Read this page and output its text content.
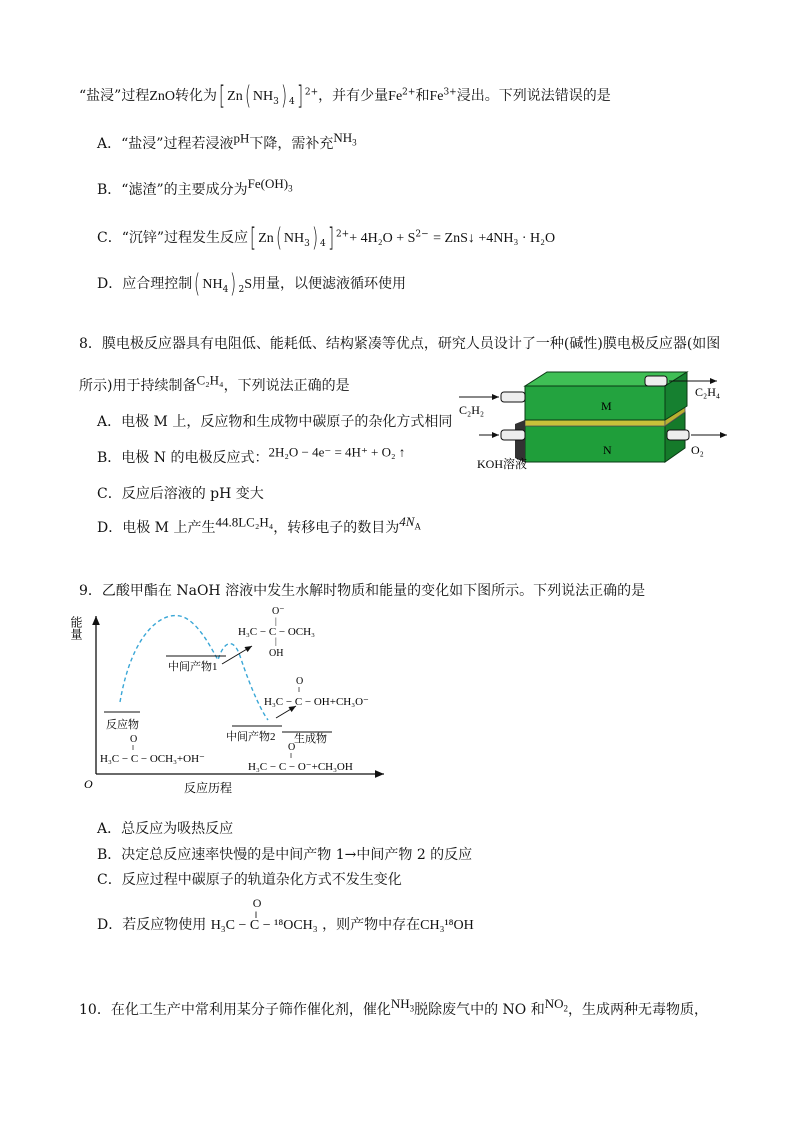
“盐浸”过程ZnO转化为[ Zn( $NH_3$) $_4$] $^{2+}$，并有少量$Fe^{2+}$和$Fe^{3+}$浸出。下列说法错误的是
A．“盐浸”过程若浸液$^{pH}$下降，需补充$^{NH_3}$
B．“滤渣”的主要成分为$^{Fe(OH)_3}$
C．“沉锌”过程发生反应[ Zn( $NH_3$) $_4$] $^{2+}+ 4H_2O + S^{2-}$ = ZnS↓ +4NH₃ · H₂O
D．应合理控制( $NH_4$) $_2$S用量，以便滤液循环使用
8．膜电极反应器具有电阻低、能耗低、结构紧凑等优点，研究人员设计了一种(碱性)膜电极反应器(如图
所示)用于持续制备$^{C_2H_4}$，下列说法正确的是
A．电极 M 上，反应物和生成物中碳原子的杂化方式相同
B．电极 N 的电极反应式：$^{2H_2O - 4e^- = 4H^+ + O_2 ↑}$
C．反应后溶液的 pH 变大
D．电极 M 上产生$^{44.8LC_2H_4}$，转移电子的数目为$^{4N_A}$
C₂H₂
C₂H₄
M
N
KOH溶液
O₂
9．乙酸甲酯在 NaOH 溶液中发生水解时物质和能量的变化如下图所示。下列说法正确的是
能量
O	反应历程
反应物
O
‖
H₃C − C − OCH₃+OH⁻
中间产物1
O⁻
|
H₃C − C − OCH₃
|
OH
中间产物2
O
‖
H₃C − C − OH+CH₃O⁻
生成物
O
‖
H₃C − C − O⁻+CH₃OH
A．总反应为吸热反应
B．决定总反应速率快慢的是中间产物 1→中间产物 2 的反应
C．反应过程中碳原子的轨道杂化方式不发生变化
D．若反应物使用
O
‖
H₃C − C − ¹⁸OCH₃ ，则产物中存在CH₃¹⁸OH
10．在化工生产中常利用某分子筛作催化剂，催化$^{NH_3}$脱除废气中的 NO 和$^{NO_2}$，生成两种无毒物质，
